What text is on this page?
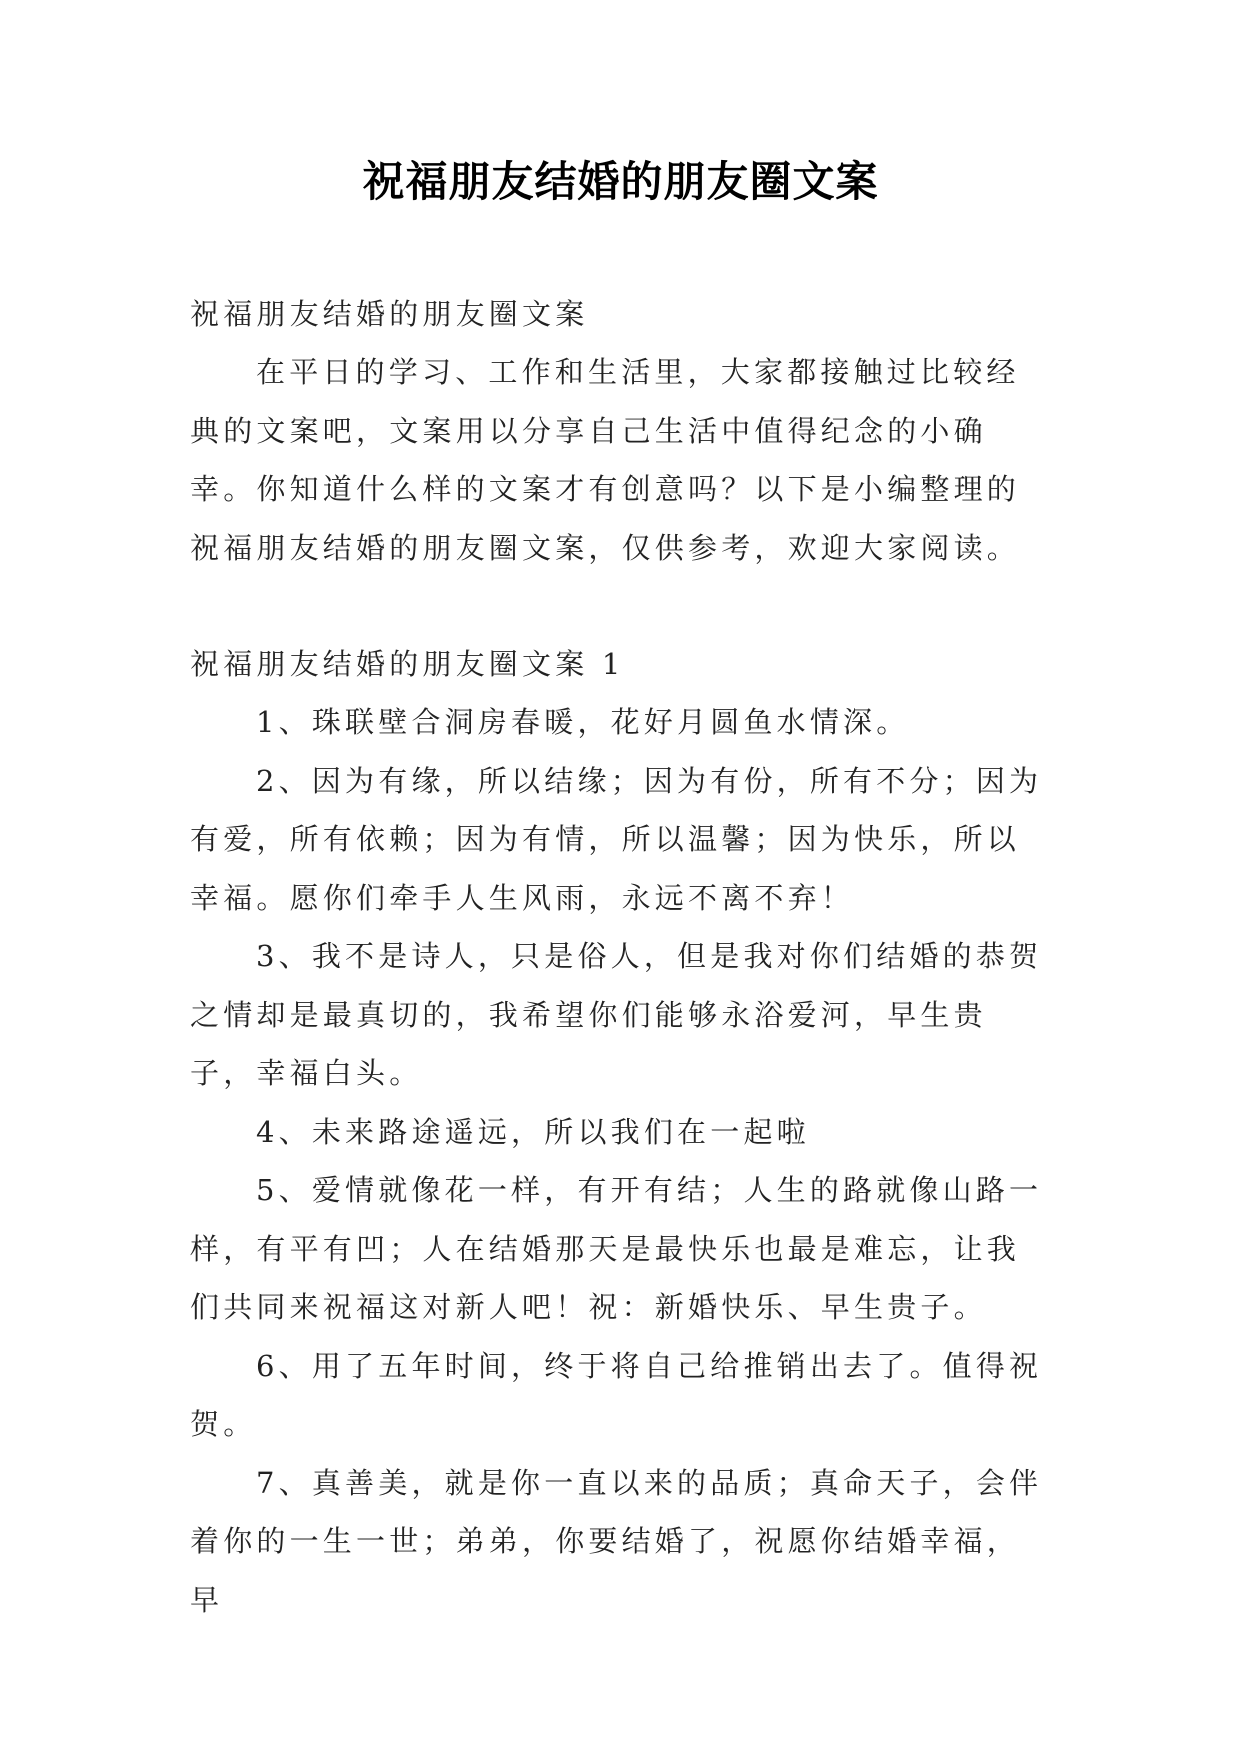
祝福朋友结婚的朋友圈文案

祝福朋友结婚的朋友圈文案

在平日的学习、工作和生活里，大家都接触过比较经典的文案吧，文案用以分享自己生活中值得纪念的小确幸。你知道什么样的文案才有创意吗？以下是小编整理的祝福朋友结婚的朋友圈文案，仅供参考，欢迎大家阅读。

祝福朋友结婚的朋友圈文案 1

1、珠联壁合洞房春暖，花好月圆鱼水情深。

2、因为有缘，所以结缘；因为有份，所有不分；因为有爱，所有依赖；因为有情，所以温馨；因为快乐，所以幸福。愿你们牵手人生风雨，永远不离不弃！

3、我不是诗人，只是俗人，但是我对你们结婚的恭贺之情却是最真切的，我希望你们能够永浴爱河，早生贵子，幸福白头。

4、未来路途遥远，所以我们在一起啦

5、爱情就像花一样，有开有结；人生的路就像山路一样，有平有凹；人在结婚那天是最快乐也最是难忘，让我们共同来祝福这对新人吧！祝：新婚快乐、早生贵子。

6、用了五年时间，终于将自己给推销出去了。值得祝贺。

7、真善美，就是你一直以来的品质；真命天子，会伴着你的一生一世；弟弟，你要结婚了，祝愿你结婚幸福，早
